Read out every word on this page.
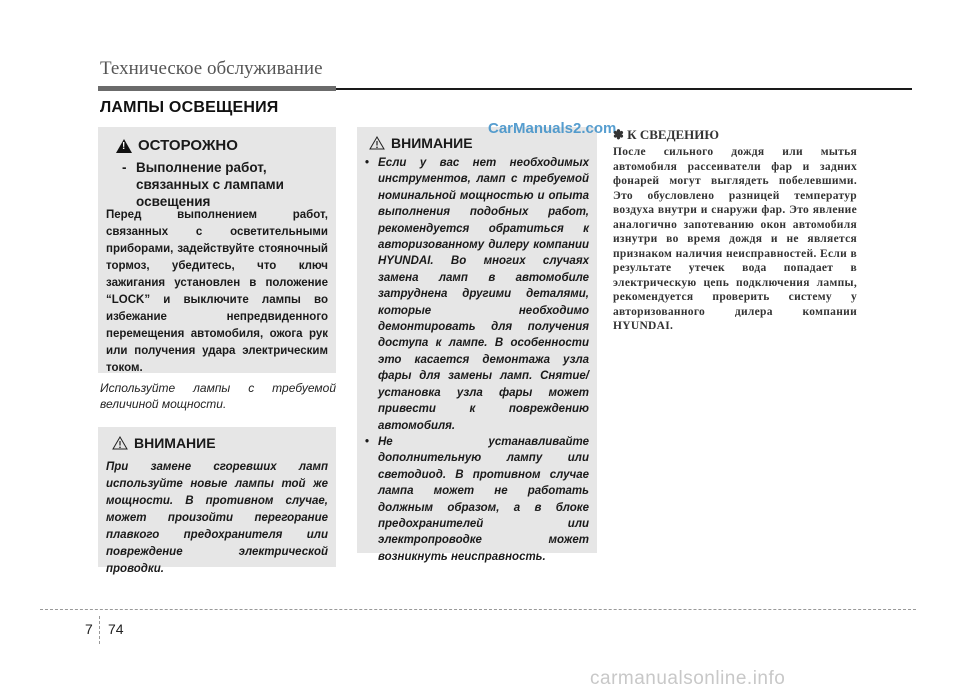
Техническое обслуживание
ЛАМПЫ ОСВЕЩЕНИЯ
!
ОСТОРОЖНО
- Выполнение работ, связанных с лампами освещения
Перед выполнением работ, связанных с осветительными приборами, задействуйте стояночный тормоз, убедитесь, что ключ зажигания установлен в положение “LOCK” и выключите лампы во избежание непредвиденного перемещения автомобиля, ожога рук или получения удара электрическим током.
Используйте лампы с требуемой величиной мощности.
ВНИМАНИЕ
При замене сгоревших ламп используйте новые лампы той же мощности. В противном случае, может произойти перегорание плавкого предохранителя или повреждение электрической проводки.
ВНИМАНИЕ
• Если у вас нет необходимых инструментов, ламп с требуемой номинальной мощностью и опыта выполнения подобных работ, рекомендуется обратиться к авторизованному дилеру компании HYUNDAI. Во многих случаях замена ламп в автомобиле затруднена другими деталями, которые необходимо демонтировать для получения доступа к лампе. В особенности это касается демонтажа узла фары для замены ламп. Снятие/установка узла фары может привести к повреждению автомобиля.
• Не устанавливайте дополнительную лампу или светодиод. В противном случае лампа может не работать должным образом, а в блоке предохранителей или электропроводке может возникнуть неисправность.
CarManuals2.com
✽ К СВЕДЕНИЮ
После сильного дождя или мытья автомобиля рассеиватели фар и задних фонарей могут выглядеть побелевшими. Это обусловлено разницей температур воздуха внутри и снаружи фар. Это явление аналогично запотеванию окон автомобиля изнутри во время дождя и не является признаком наличия неисправностей. Если в результате утечек вода попадает в электрическую цепь подключения лампы, рекомендуется проверить систему у авторизованного дилера компании HYUNDAI.
7 74
carmanualsonline.info
